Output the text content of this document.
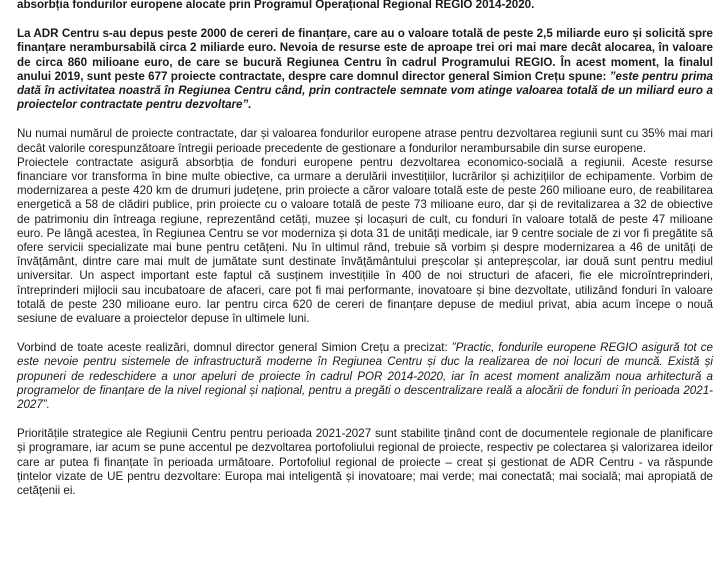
absorbția fondurilor europene alocate prin Programul Operațional Regional REGIO 2014-2020.

La ADR Centru s-au depus peste 2000 de cereri de finanțare, care au o valoare totală de peste 2,5 miliarde euro și solicită spre finanțare nerambursabilă circa 2 miliarde euro. Nevoia de resurse este de aproape trei ori mai mare decât alocarea, în valoare de circa 860 milioane euro, de care se bucură Regiunea Centru în cadrul Programului REGIO. În acest moment, la finalul anului 2019, sunt peste 677 proiecte contractate, despre care domnul director general Simion Crețu spune: ”este pentru prima dată în activitatea noastră în Regiunea Centru când, prin contractele semnate vom atinge valoarea totală de un miliard euro a proiectelor contractate pentru dezvoltare”.

Nu numai numărul de proiecte contractate, dar și valoarea fondurilor europene atrase pentru dezvoltarea regiunii sunt cu 35% mai mari decât valorile corespunzătoare întregii perioade precedente de gestionare a fondurilor nerambursabile din surse europene.

Proiectele contractate asigură absorbția de fonduri europene pentru dezvoltarea economico-socială a regiunii. Aceste resurse financiare vor transforma în bine multe obiective, ca urmare a derulării investițiilor, lucrărilor și achizițiilor de echipamente. Vorbim de modernizarea a peste 420 km de drumuri județene, prin proiecte a căror valoare totală este de peste 260 milioane euro, de reabilitarea energetică a 58 de clădiri publice, prin proiecte cu o valoare totală de peste 73 milioane euro, dar și de revitalizarea a 32 de obiective de patrimoniu din întreaga regiune, reprezentând cetăți, muzee și locașuri de cult, cu fonduri în valoare totală de peste 47 milioane euro. Pe lângă acestea, în Regiunea Centru se vor moderniza și dota 31 de unități medicale, iar 9 centre sociale de zi vor fi pregătite să ofere servicii specializate mai bune pentru cetățeni. Nu în ultimul rând, trebuie să vorbim și despre modernizarea a 46 de unități de învățământ, dintre care mai mult de jumătate sunt destinate învățământului preșcolar și antepreșcolar, iar două sunt pentru mediul universitar. Un aspect important este faptul că susținem investițiile în 400 de noi structuri de afaceri, fie ele microîntreprinderi, întreprinderi mijlocii sau incubatoare de afaceri, care pot fi mai performante, inovatoare și bine dezvoltate, utilizând fonduri în valoare totală de peste 230 milioane euro. Iar pentru circa 620 de cereri de finanțare depuse de mediul privat, abia acum începe o nouă sesiune de evaluare a proiectelor depuse în ultimele luni.

Vorbind de toate aceste realizări, domnul director general Simion Crețu a precizat: ”Practic, fondurile europene REGIO asigură tot ce este nevoie pentru sistemele de infrastructură moderne în Regiunea Centru și duc la realizarea de noi locuri de muncă. Există și propuneri de redeschidere a unor apeluri de proiecte în cadrul POR 2014-2020, iar în acest moment analizăm noua arhitectură a programelor de finanțare de la nivel regional și național, pentru a pregăti o descentralizare reală a alocării de fonduri în perioada 2021-2027”.

Prioritățile strategice ale Regiunii Centru pentru perioada 2021-2027 sunt stabilite ținând cont de documentele regionale de planificare și programare, iar acum se pune accentul pe dezvoltarea portofoliului regional de proiecte, respectiv pe colectarea și valorizarea ideilor care ar putea fi finanțate în perioada următoare. Portofoliul regional de proiecte – creat și gestionat de ADR Centru - va răspunde țintelor vizate de UE pentru dezvoltare: Europa mai inteligentă și inovatoare; mai verde; mai conectată; mai socială; mai apropiată de cetățenii ei.
